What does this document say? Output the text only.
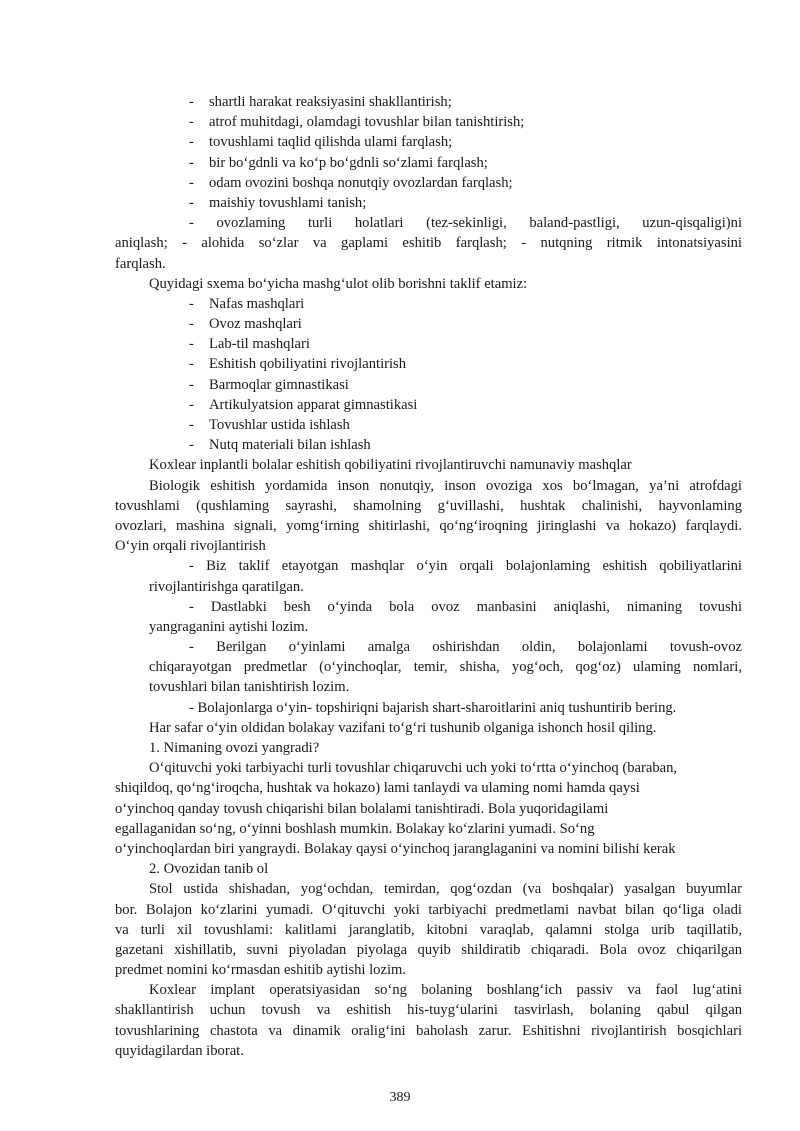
- shartli harakat reaksiyasini shakllantirish;
- atrof muhitdagi, olamdagi tovushlar bilan tanishtirish;
- tovushlami taqlid qilishda ulami farqlash;
- bir bo‘gdnli va ko‘p bo‘gdnli so‘zlami farqlash;
- odam ovozini boshqa nonutqiy ovozlardan farqlash;
- maishiy tovushlami tanish;
- ovozlaming turli holatlari (tez-sekinligi, baland-pastligi, uzun-qisqaligi)ni
aniqlash; - alohida so‘zlar va gaplami eshitib farqlash; - nutqning ritmik intonatsiyasini
farqlash.
Quyidagi sxema bo‘yicha mashg‘ulot olib borishni taklif etamiz:
- Nafas mashqlari
- Ovoz mashqlari
- Lab-til mashqlari
- Eshitish qobiliyatini rivojlantirish
- Barmoqlar gimnastikasi
- Artikulyatsion apparat gimnastikasi
- Tovushlar ustida ishlash
- Nutq materiali bilan ishlash
Koxlear inplantli bolalar eshitish qobiliyatini rivojlantiruvchi namunaviy mashqlar
Biologik eshitish yordamida inson nonutqiy, inson ovoziga xos bo‘lmagan, ya’ni atrofdagi
tovushlami (qushlaming sayrashi, shamolning g‘uvillashi, hushtak chalinishi, hayvonlaming
ovozlari, mashina signali, yomg‘irning shitirlashi, qo‘ng‘iroqning jiringlashi va hokazo) farqlaydi.
O‘yin orqali rivojlantirish
- Biz taklif etayotgan mashqlar o‘yin orqali bolajonlaming eshitish qobiliyatlarini
rivojlantirishga qaratilgan.
- Dastlabki besh o‘yinda bola ovoz manbasini aniqlashi, nimaning tovushi
yangraganini aytishi lozim.
- Berilgan o‘yinlami amalga oshirishdan oldin, bolajonlami tovush-ovoz
chiqarayotgan predmetlar (o‘yinchoqlar, temir, shisha, yog‘och, qog‘oz) ulaming nomlari,
tovushlari bilan tanishtirish lozim.
- Bolajonlarga o‘yin- topshiriqni bajarish shart-sharoitlarini aniq tushuntirib bering.
Har safar o‘yin oldidan bolakay vazifani to‘g‘ri tushunib olganiga ishonch hosil qiling.
1. Nimaning ovozi yangradi?
O‘qituvchi yoki tarbiyachi turli tovushlar chiqaruvchi uch yoki to‘rtta o‘yinchoq (baraban,
shiqildoq, qo‘ng‘iroqcha, hushtak va hokazo) lami tanlaydi va ulaming nomi hamda qaysi
o‘yinchoq qanday tovush chiqarishi bilan bolalami tanishtiradi. Bola yuqoridagilami
egallaganidan so‘ng, o‘yinni boshlash mumkin. Bolakay ko‘zlarini yumadi. So‘ng
o‘yinchoqlardan biri yangraydi. Bolakay qaysi o‘yinchoq jaranglaganini va nomini bilishi kerak
2. Ovozidan tanib ol
Stol ustida shishadan, yog‘ochdan, temirdan, qog‘ozdan (va boshqalar) yasalgan buyumlar
bor. Bolajon ko‘zlarini yumadi. O‘qituvchi yoki tarbiyachi predmetlami navbat bilan qo‘liga oladi
va turli xil tovushlami: kalitlami jaranglatib, kitobni varaqlab, qalamni stolga urib taqillatib,
gazetani xishillatib, suvni piyoladan piyolaga quyib shildiratib chiqaradi. Bola ovoz chiqarilgan
predmet nomini ko‘rmasdan eshitib aytishi lozim.
Koxlear implant operatsiyasidan so‘ng bolaning boshlang‘ich passiv va faol lug‘atini
shakllantirish uchun tovush va eshitish his-tuyg‘ularini tasvirlash, bolaning qabul qilgan
tovushlarining chastota va dinamik oralig‘ini baholash zarur. Eshitishni rivojlantirish bosqichlari
quyidagilardan iborat.
389
